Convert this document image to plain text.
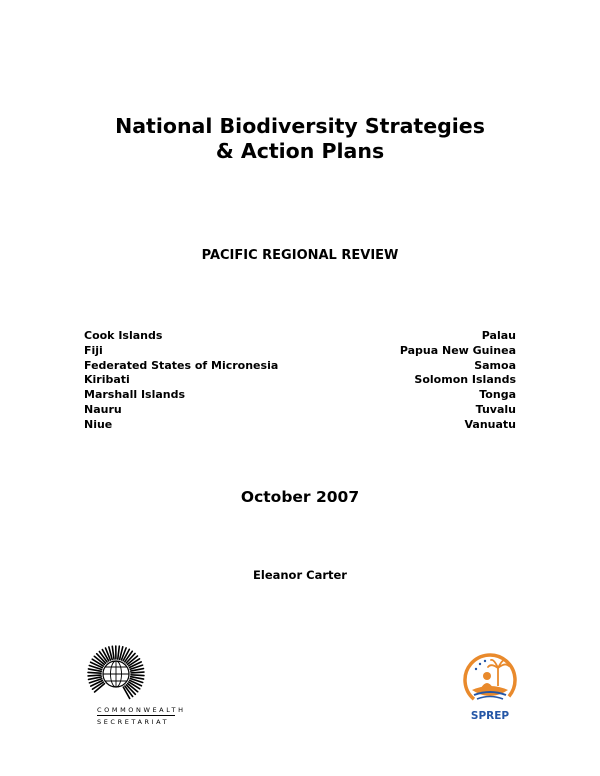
National Biodiversity Strategies
& Action Plans
PACIFIC REGIONAL REVIEW
Cook Islands
Fiji
Federated States of Micronesia
Kiribati
Marshall Islands
Nauru
Niue
Palau
Papua New Guinea
Samoa
Solomon Islands
Tonga
Tuvalu
Vanuatu
October 2007
Eleanor Carter
COMMONWEALTH
SECRETARIAT	SPREP
